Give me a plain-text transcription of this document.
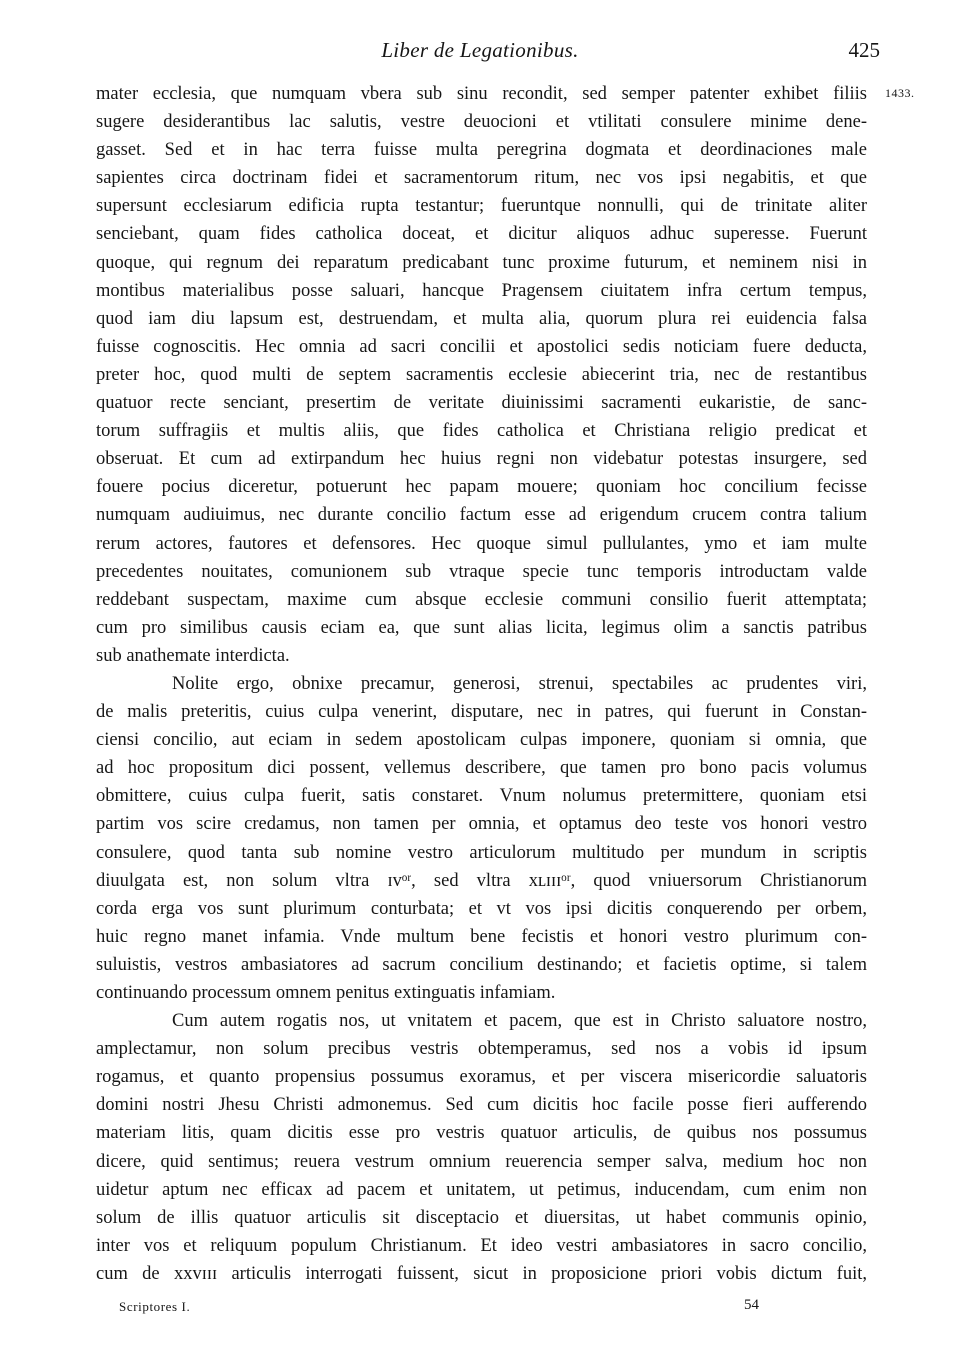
Liber de Legationibus.	425
1433.
mater ecclesia, que numquam vbera sub sinu recondit, sed semper patenter exhibet filiis
sugere desiderantibus lac salutis, vestre deuocioni et vtilitati consulere minime dene-
gasset. Sed et in hac terra fuisse multa peregrina dogmata et deordinaciones male
sapientes circa doctrinam fidei et sacramentorum ritum, nec vos ipsi negabitis, et que
supersunt ecclesiarum edificia rupta testantur; fueruntque nonnulli, qui de trinitate aliter
senciebant, quam fides catholica doceat, et dicitur aliquos adhuc superesse. Fuerunt
quoque, qui regnum dei reparatum predicabant tunc proxime futurum, et neminem nisi in
montibus materialibus posse saluari, hancque Pragensem ciuitatem infra certum tempus,
quod iam diu lapsum est, destruendam, et multa alia, quorum plura rei euidencia falsa
fuisse cognoscitis. Hec omnia ad sacri concilii et apostolici sedis noticiam fuere deducta,
preter hoc, quod multi de septem sacramentis ecclesie abiecerint tria, nec de restantibus
quatuor recte senciant, presertim de veritate diuinissimi sacramenti eukaristie, de sanc-
torum suffragiis et multis aliis, que fides catholica et Christiana religio predicat et
obseruat. Et cum ad extirpandum hec huius regni non videbatur potestas insurgere, sed
fouere pocius diceretur, potuerunt hec papam mouere; quoniam hoc concilium fecisse
numquam audiuimus, nec durante concilio factum esse ad erigendum crucem contra talium
rerum actores, fautores et defensores. Hec quoque simul pullulantes, ymo et iam multe
precedentes nouitates, comunionem sub vtraque specie tunc temporis introductam valde
reddebant suspectam, maxime cum absque ecclesie communi consilio fuerit attemptata;
cum pro similibus causis eciam ea, que sunt alias licita, legimus olim a sanctis patribus
sub anathemate interdicta.
Nolite ergo, obnixe precamur, generosi, strenui, spectabiles ac prudentes viri,
de malis preteritis, cuius culpa venerint, disputare, nec in patres, qui fuerunt in Constan-
ciensi concilio, aut eciam in sedem apostolicam culpas imponere, quoniam si omnia, que
ad hoc propositum dici possent, vellemus describere, que tamen pro bono pacis volumus
obmittere, cuius culpa fuerit, satis constaret. Vnum nolumus pretermittere, quoniam etsi
partim vos scire credamus, non tamen per omnia, et optamus deo teste vos honori vestro
consulere, quod tanta sub nomine vestro articulorum multitudo per mundum in scriptis
diuulgata est, non solum vltra ɪᴠᵒʳ, sed vltra xʟɪɪɪᵒʳ, quod vniuersorum Christianorum
corda erga vos sunt plurimum conturbata; et vt vos ipsi dicitis conquerendo per orbem,
huic regno manet infamia. Vnde multum bene fecistis et honori vestro plurimum con-
suluistis, vestros ambasiatores ad sacrum concilium destinando; et facietis optime, si talem
continuando processum omnem penitus extinguatis infamiam.
Cum autem rogatis nos, ut vnitatem et pacem, que est in Christo saluatore nostro,
amplectamur, non solum precibus vestris obtemperamus, sed nos a vobis id ipsum
rogamus, et quanto propensius possumus exoramus, et per viscera misericordie saluatoris
domini nostri Jhesu Christi admonemus. Sed cum dicitis hoc facile posse fieri aufferendo
materiam litis, quam dicitis esse pro vestris quatuor articulis, de quibus nos possumus
dicere, quid sentimus; reuera vestrum omnium reuerencia semper salva, medium hoc non
uidetur aptum nec efficax ad pacem et unitatem, ut petimus, inducendam, cum enim non
solum de illis quatuor articulis sit disceptacio et diuersitas, ut habet communis opinio,
inter vos et reliquum populum Christianum. Et ideo vestri ambasiatores in sacro concilio,
cum de xxᴠɪɪɪ articulis interrogati fuissent, sicut in proposicione priori vobis dictum fuit,
Scriptores I.	54
